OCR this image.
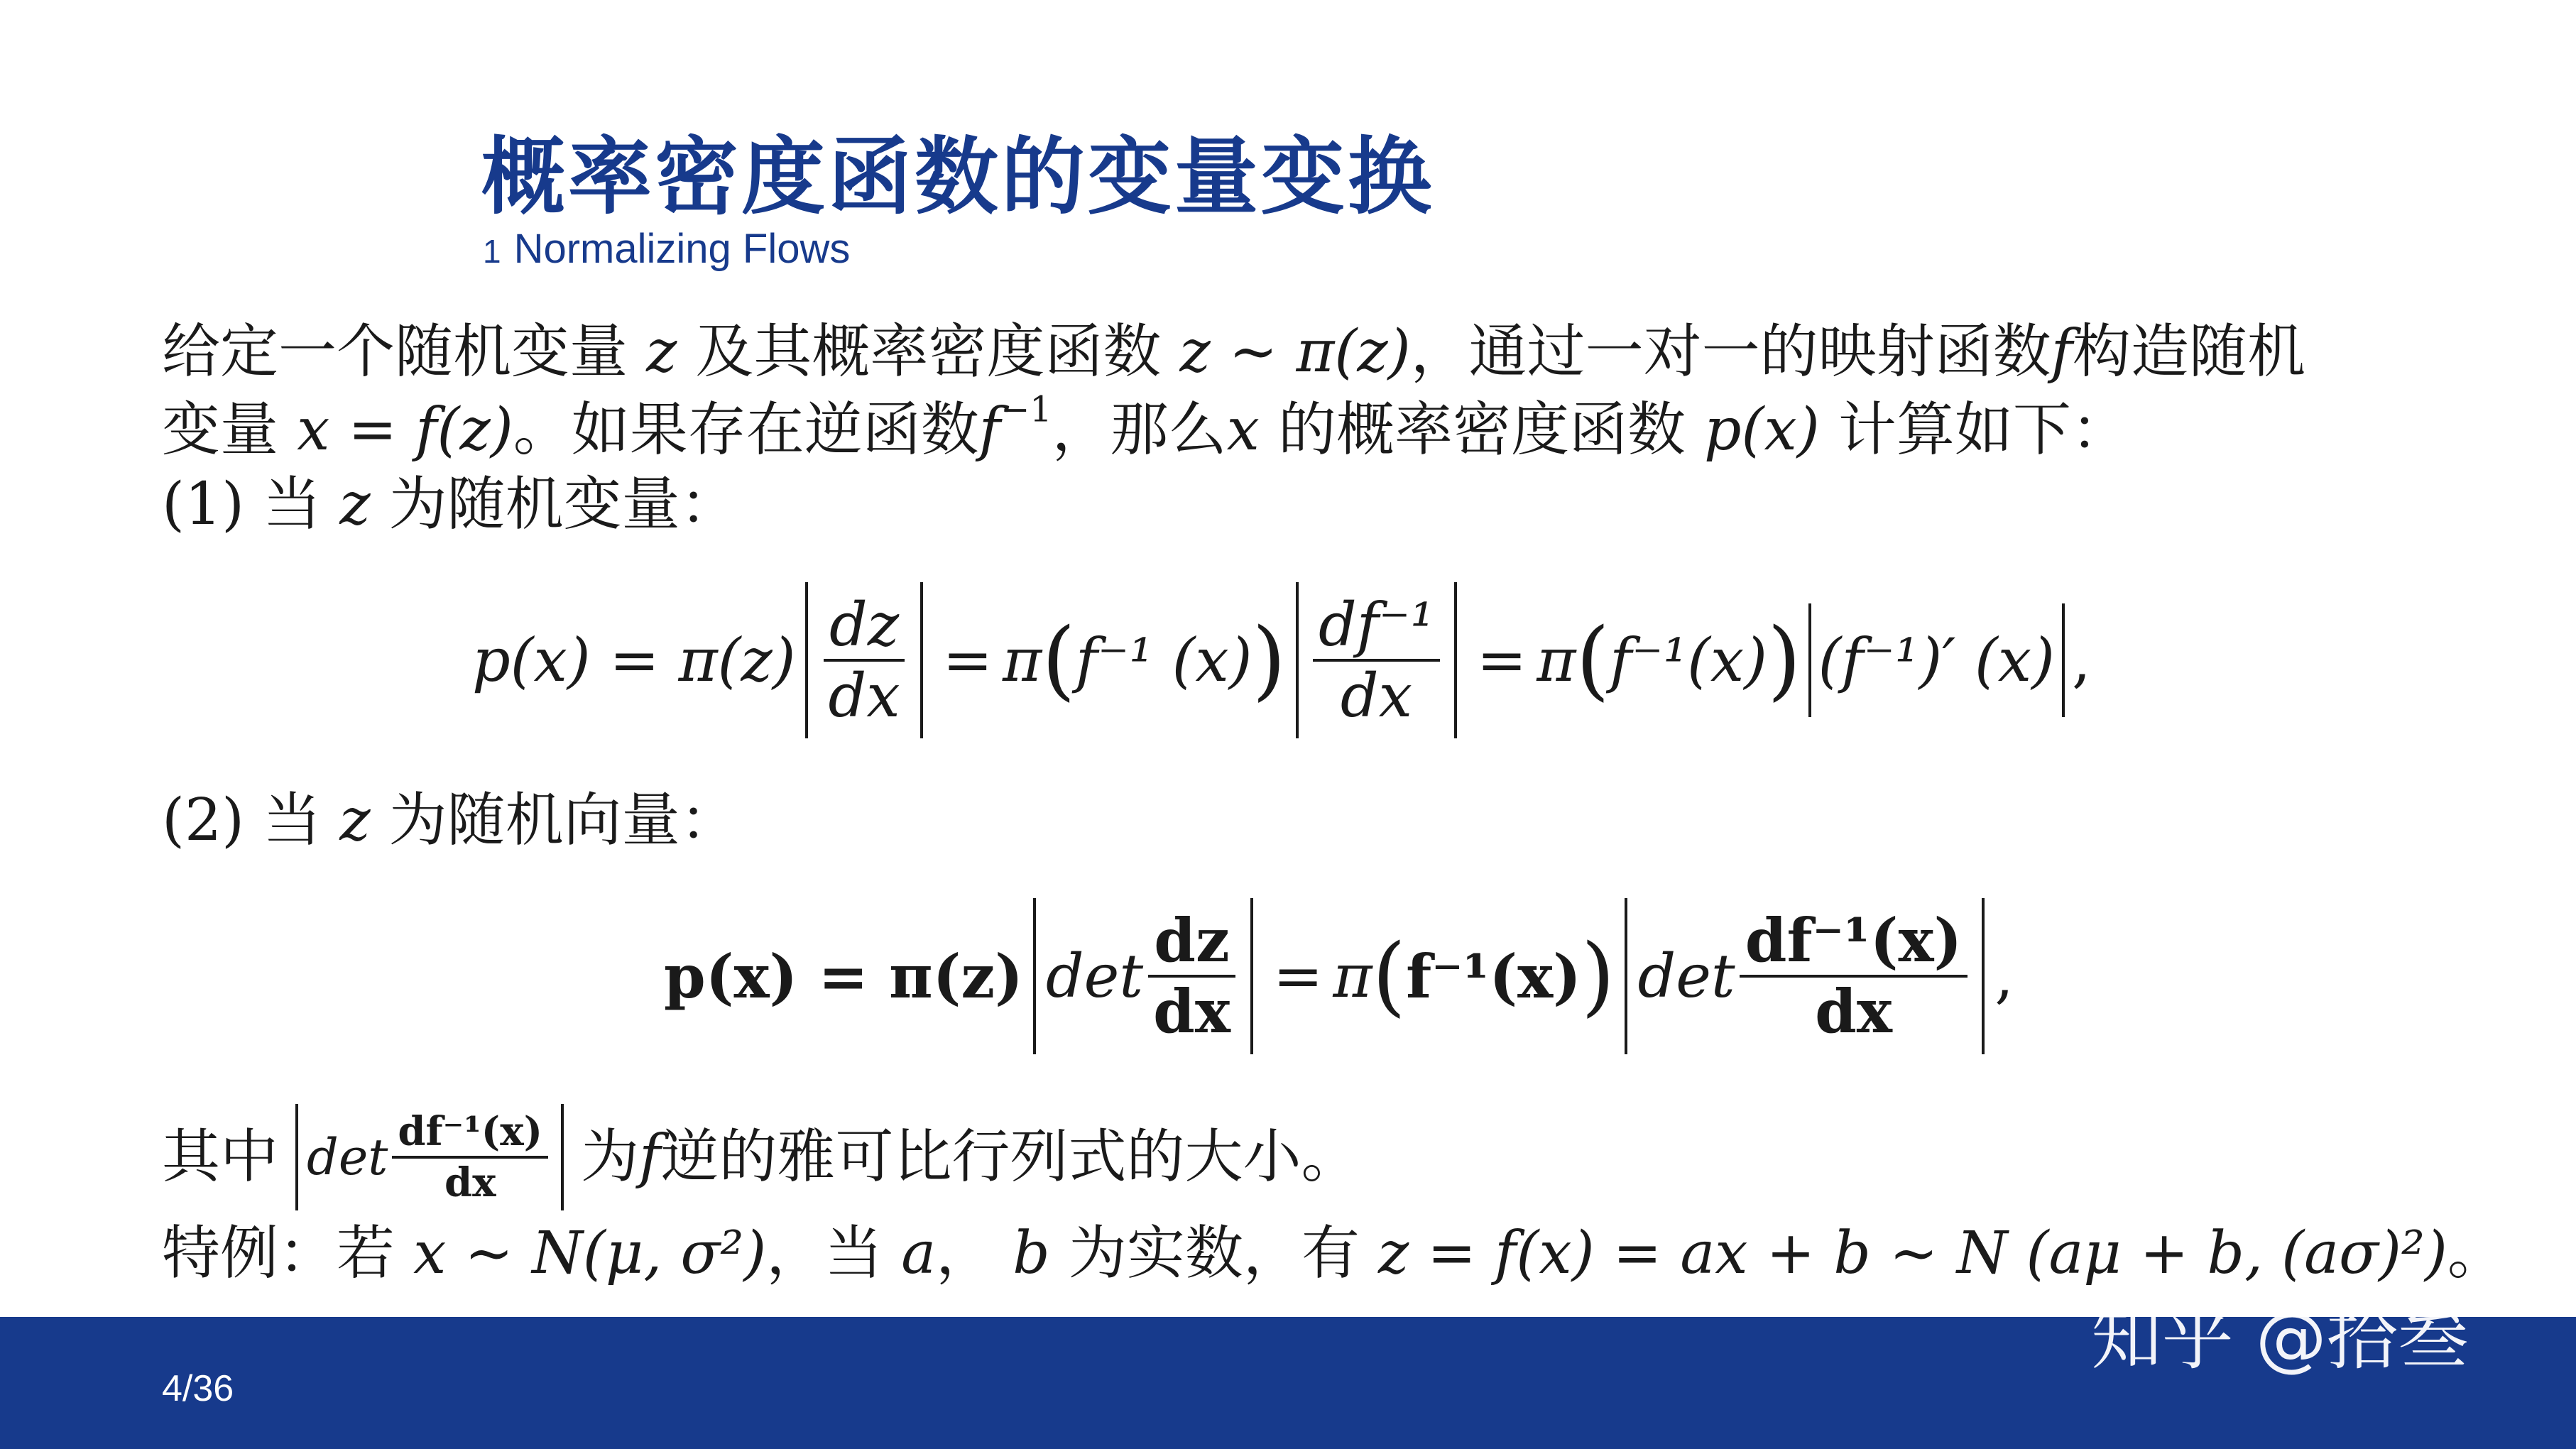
概率密度函数的变量变换
1 Normalizing Flows
给定一个随机变量 z 及其概率密度函数 z ∼ π(z)，通过一对一的映射函数f构造随机
变量 x = f(z)。如果存在逆函数$f^{-1}$，那么x 的概率密度函数 p(x) 计算如下：
(1) 当 z 为随机变量：
$p(x) = \pi(z) \frac{dz}{dx} = \pi$ ( f⁻¹ (x) ) $\frac{\text{df⁻¹}}{dx} = \pi$ ( f⁻¹(x) ) (f⁻¹)′ (x) ,
(2) 当 z 为随机向量：
p(x) = π(z) $\det \frac{dz}{dx} = \pi$ ( f⁻¹(x) ) $\det \frac{\text{df⁻¹(x)}}{dx}$ ,
其中 $\det \frac{\text{df⁻¹(x)}}{dx}$ 为 f 逆的雅可比行列式的大小。
特例：若 x ∼ N(μ, σ²)，当 a， b 为实数，有 z = f(x) = ax + b ∼ N (aμ + b, (aσ)²)。
4/36
知乎 @拾叁
